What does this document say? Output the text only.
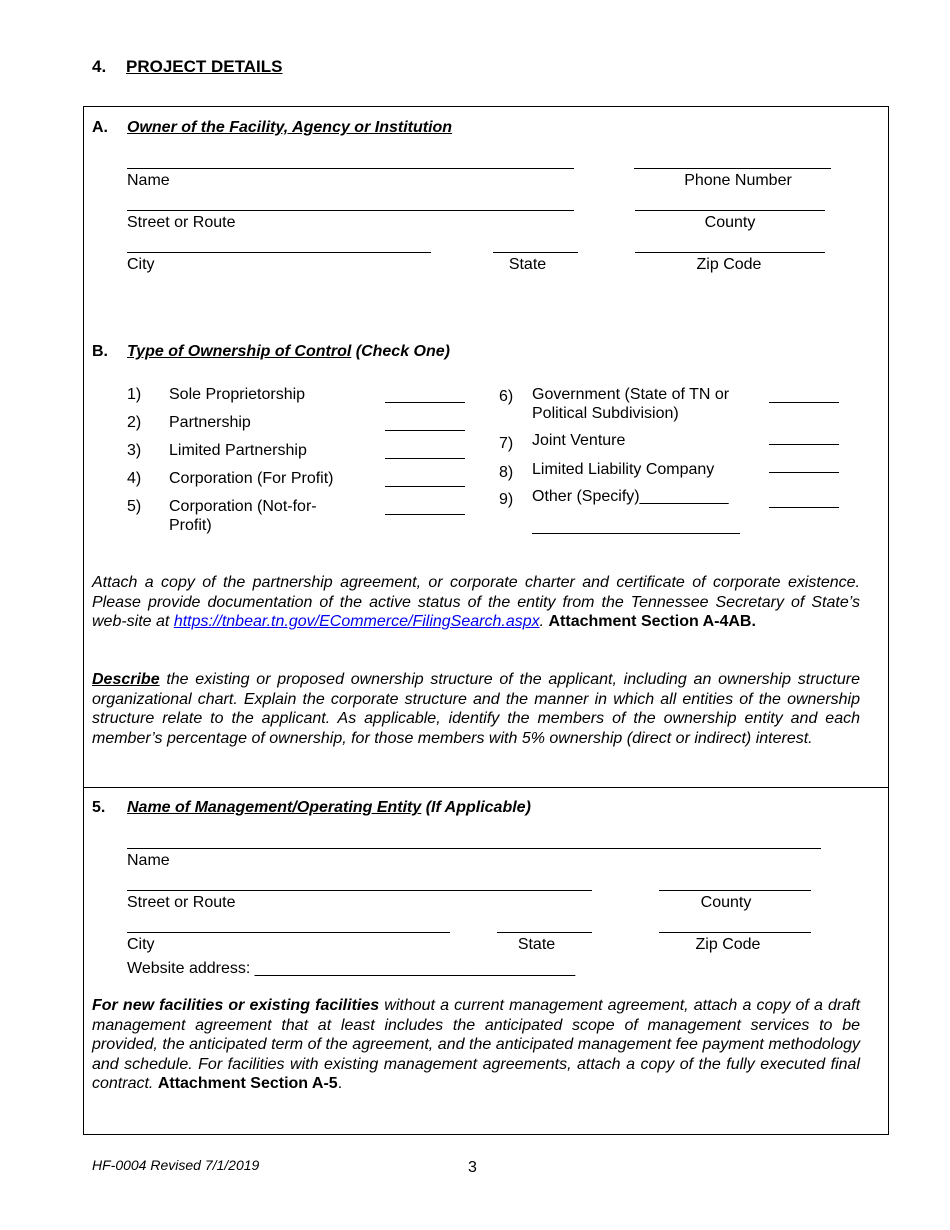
4. PROJECT DETAILS
A. Owner of the Facility, Agency or Institution
Name	Phone Number
Street or Route	County
City	State	Zip Code
B. Type of Ownership of Control (Check One)
1) Sole Proprietorship
2) Partnership
3) Limited Partnership
4) Corporation (For Profit)
5) Corporation (Not-for-
Profit)
6) Government (State of TN or
Political Subdivision)
7) Joint Venture
8) Limited Liability Company
9) Other (Specify)__________
Attach a copy of the partnership agreement, or corporate charter and certificate of corporate existence. Please provide documentation of the active status of the entity from the Tennessee Secretary of State’s web-site at https://tnbear.tn.gov/ECommerce/FilingSearch.aspx. Attachment Section A-4AB.
Describe the existing or proposed ownership structure of the applicant, including an ownership structure organizational chart. Explain the corporate structure and the manner in which all entities of the ownership structure relate to the applicant. As applicable, identify the members of the ownership entity and each member’s percentage of ownership, for those members with 5% ownership (direct or indirect) interest.
5. Name of Management/Operating Entity (If Applicable)
Name
Street or Route	County
City	State	Zip Code
Website address: ____________________________________
For new facilities or existing facilities without a current management agreement, attach a copy of a draft management agreement that at least includes the anticipated scope of management services to be provided, the anticipated term of the agreement, and the anticipated management fee payment methodology and schedule. For facilities with existing management agreements, attach a copy of the fully executed final contract. Attachment Section A-5.
HF-0004 Revised 7/1/2019	3
